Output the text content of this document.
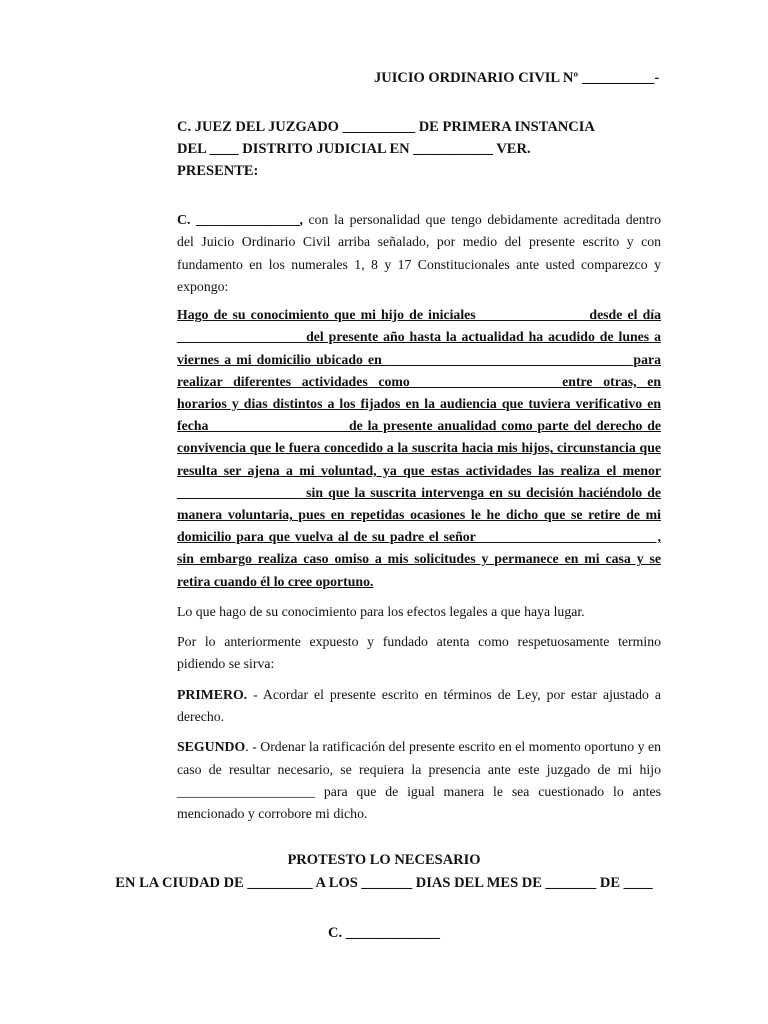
JUICIO ORDINARIO CIVIL Nº __________-
C. JUEZ DEL JUZGADO __________ DE PRIMERA INSTANCIA
DEL ____ DISTRITO JUDICIAL EN ___________ VER.
PRESENTE:

C. _______________, con la personalidad que tengo debidamente acreditada dentro del Juicio Ordinario Civil arriba señalado, por medio del presente escrito y con fundamento en los numerales 1, 8 y 17 Constitucionales ante usted comparezco y expongo:

Hago de su conocimiento que mi hijo de iniciales _______________ desde el día __________________ del presente año hasta la actualidad ha acudido de lunes a viernes a mi domicilio ubicado en ___________________________________ para realizar diferentes actividades como ___________________ entre otras, en horarios y dias distintos a los fijados en la audiencia que tuviera verificativo en fecha ___________________ de la presente anualidad como parte del derecho de convivencia que le fuera concedido a la suscrita hacia mis hijos, circunstancia que resulta ser ajena a mi voluntad, ya que estas actividades las realiza el menor __________________ sin que la suscrita intervenga en su decisión haciéndolo de manera voluntaria, pues en repetidas ocasiones le he dicho que se retire de mi domicilio para que vuelva al de su padre el señor _________________________ , sin embargo realiza caso omiso a mis solicitudes y permanece en mi casa y se retira cuando él lo cree oportuno.

Lo que hago de su conocimiento para los efectos legales a que haya lugar.

Por lo anteriormente expuesto y fundado atenta como respetuosamente termino pidiendo se sirva:

PRIMERO. - Acordar el presente escrito en términos de Ley, por estar ajustado a derecho.

SEGUNDO. - Ordenar la ratificación del presente escrito en el momento oportuno y en caso de resultar necesario, se requiera la presencia ante este juzgado de mi hijo ____________________ para que de igual manera le sea cuestionado lo antes mencionado y corrobore mi dicho.

PROTESTO LO NECESARIO
EN LA CIUDAD DE _________ A LOS _______ DIAS DEL MES DE _______ DE ____
C. _____________
